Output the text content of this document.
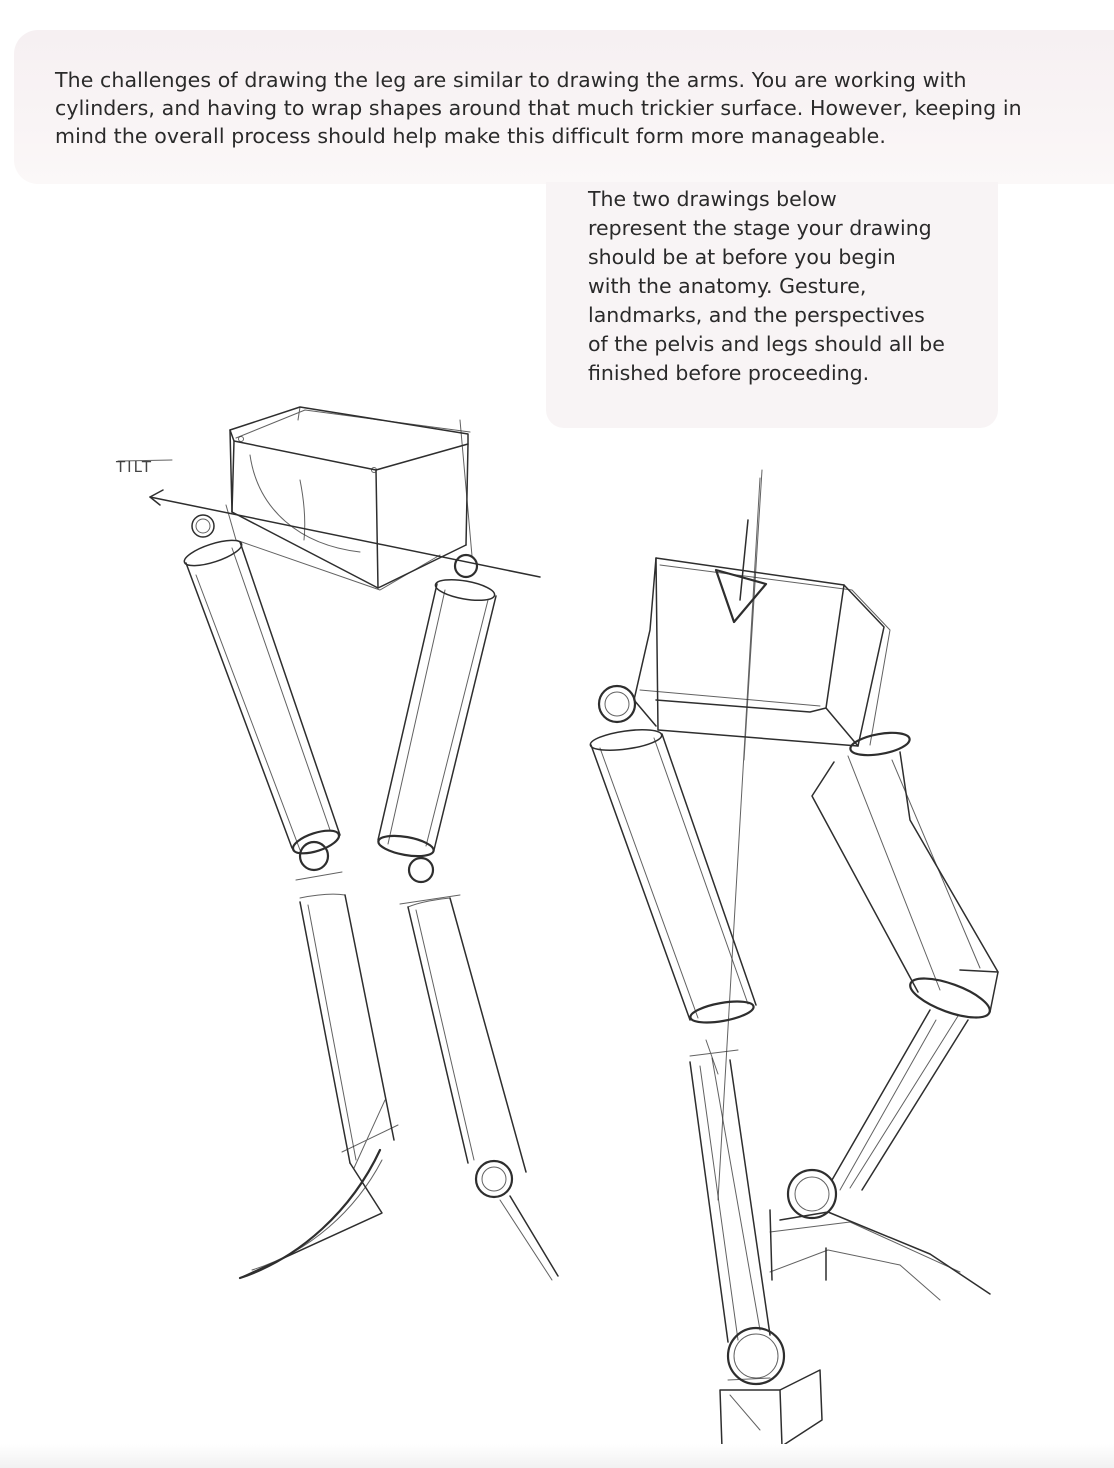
The challenges of drawing the leg are similar to drawing the arms. You are working with
cylinders, and having to wrap shapes around that much trickier surface. However, keeping in
mind the overall process should help make this difficult form more manageable.
The two drawings below
represent the stage your drawing
should be at before you begin
with the anatomy. Gesture,
landmarks, and the perspectives
of the pelvis and legs should all be
finished before proceeding.
TILT
